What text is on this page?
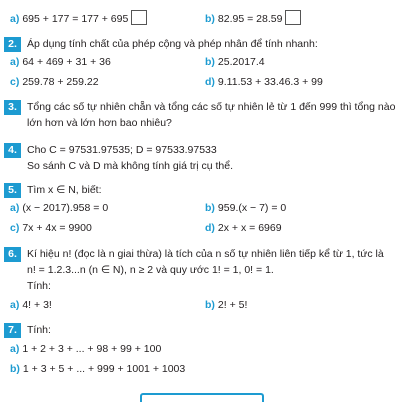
a) 695 + 177 = 177 + 695	b) 82.95 = 28.59
2. Áp dụng tính chất của phép cộng và phép nhân để tính nhanh:
a) 64 + 469 + 31 + 36	b) 25.2017.4
c) 259.78 + 259.22	d) 9.11.53 + 33.46.3 + 99
3. Tổng các số tự nhiên chẵn và tổng các số tự nhiên lẻ từ 1 đến 999 thì tổng nào
lớn hơn và lớn hơn bao nhiêu?
4. Cho C = 97531.97535; D = 97533.97533
So sánh C và D mà không tính giá trị cụ thể.
5. Tìm x ∈ N, biết:
a) (x − 2017).958 = 0	b) 959.(x − 7) = 0
c) 7x + 4x = 9900	d) 2x + x = 6969
6. Kí hiệu n! (đọc là n giai thừa) là tích của n số tự nhiên liên tiếp kể từ 1, tức là
n! = 1.2.3...n (n ∈ N), n ≥ 2 và quy ước 1! = 1, 0! = 1.
Tính:
a) 4! + 3!	b) 2! + 5!
7. Tính:
a) 1 + 2 + 3 + ... + 98 + 99 + 100
b) 1 + 3 + 5 + ... + 999 + 1001 + 1003
